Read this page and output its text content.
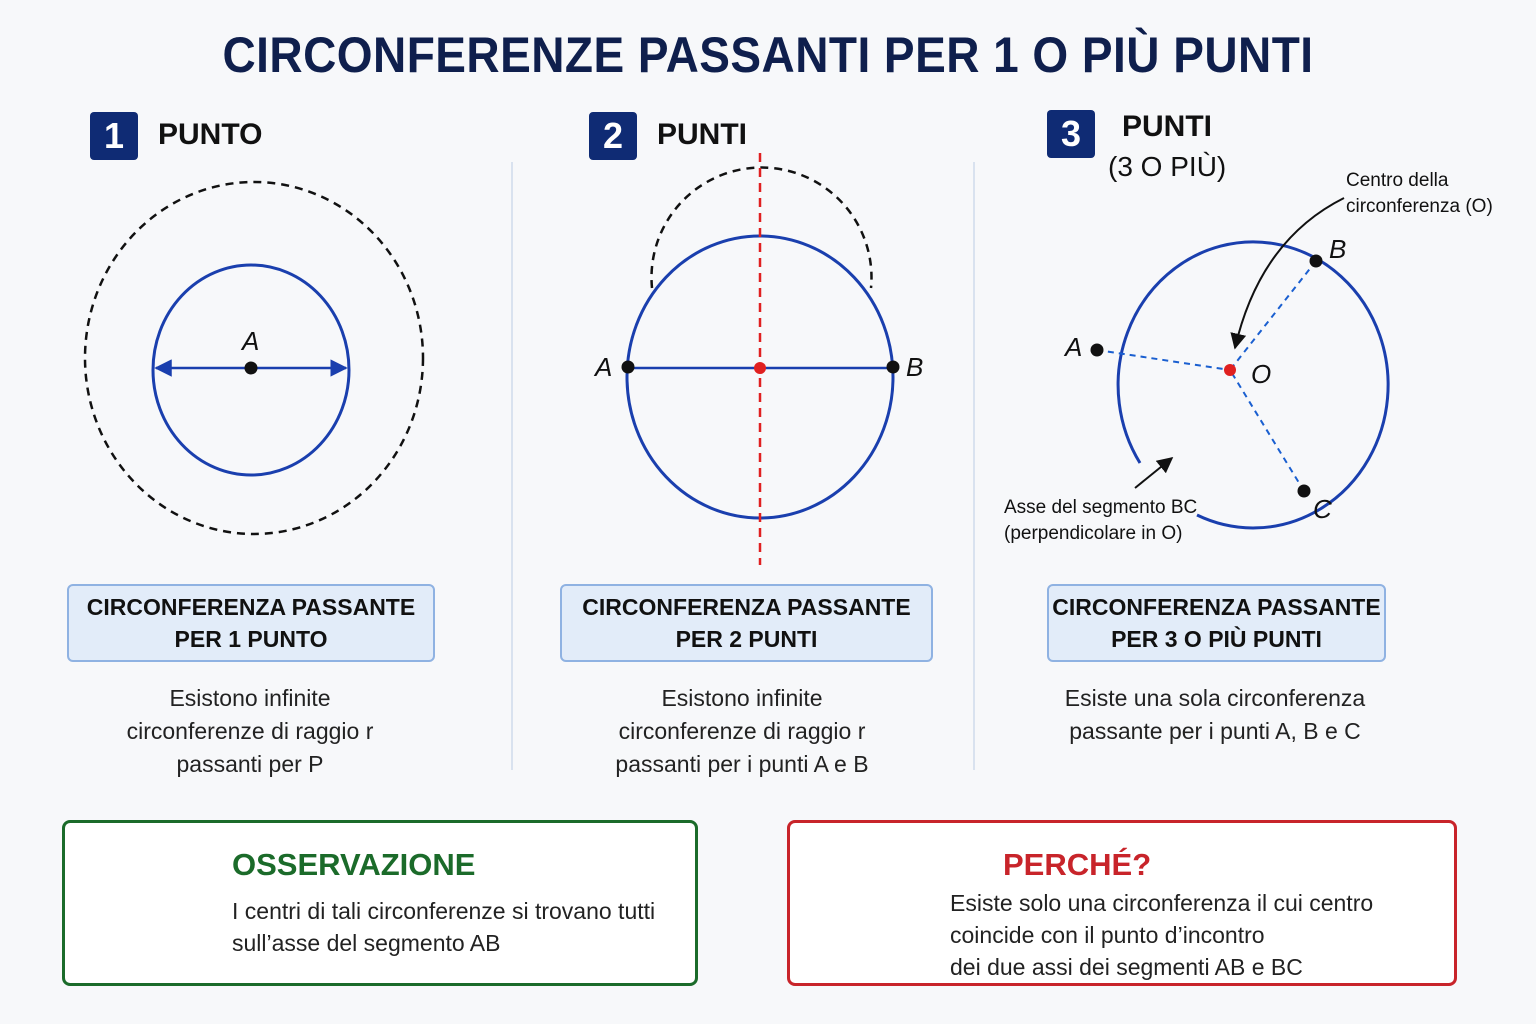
CIRCONFERENZE PASSANTI PER 1 O PIÙ PUNTI
1	PUNTO	2	PUNTI	3	PUNTI
(3 O PIÙ)
A
A	B
A
B
C
O
Centro della
circonferenza (O)
Asse del segmento BC
(perpendicolare in O)
CIRCONFERENZA PASSANTE
PER 1 PUNTO
CIRCONFERENZA PASSANTE
PER 2 PUNTI
CIRCONFERENZA PASSANTE
PER 3 O PIÙ PUNTI
Esistono infinite
circonferenze di raggio r
passanti per P
Esistono infinite
circonferenze di raggio r
passanti per i punti A e B
Esiste una sola circonferenza
passante per i punti A, B e C
OSSERVAZIONE
I centri di tali circonferenze si trovano tutti
sull’asse del segmento AB
PERCHÉ?
Esiste solo una circonferenza il cui centro
coincide con il punto d’incontro
dei due assi dei segmenti AB e BC
